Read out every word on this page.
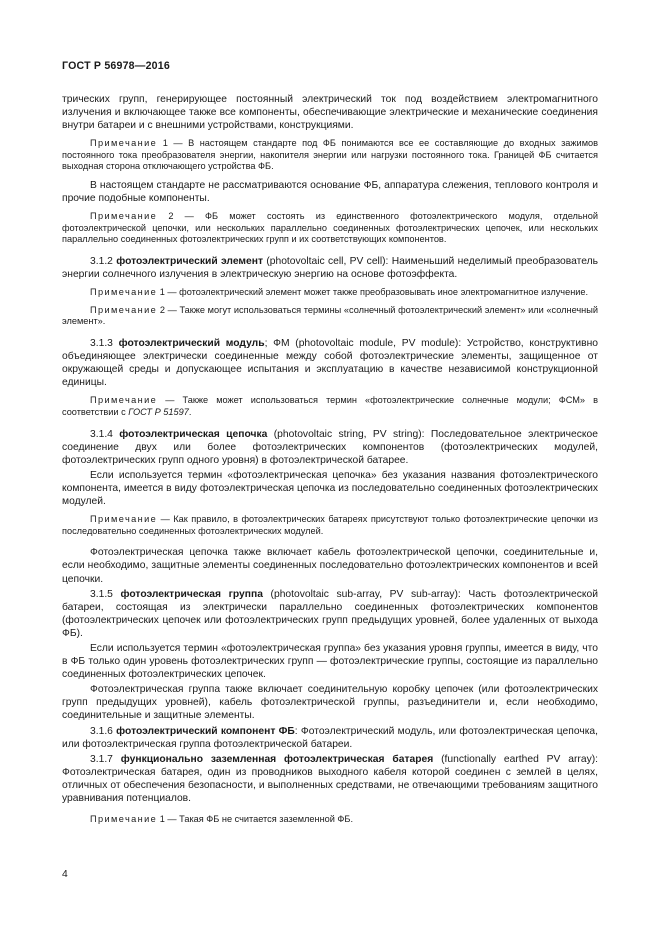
ГОСТ Р 56978—2016

трических групп, генерирующее постоянный электрический ток под воздействием электромагнитного излучения и включающее также все компоненты, обеспечивающие электрические и механические соединения внутри батареи и с внешними устройствами, конструкциями.

Примечание 1 — В настоящем стандарте под ФБ понимаются все ее составляющие до входных зажимов постоянного тока преобразователя энергии, накопителя энергии или нагрузки постоянного тока. Границей ФБ считается выходная сторона отключающего устройства ФБ.

В настоящем стандарте не рассматриваются основание ФБ, аппаратура слежения, теплового контроля и прочие подобные компоненты.

Примечание 2 — ФБ может состоять из единственного фотоэлектрического модуля, отдельной фотоэлектрической цепочки, или нескольких параллельно соединенных фотоэлектрических цепочек, или нескольких параллельно соединенных фотоэлектрических групп и их соответствующих компонентов.

3.1.2 фотоэлектрический элемент (photovoltaic cell, PV cell): Наименьший неделимый преобразователь энергии солнечного излучения в электрическую энергию на основе фотоэффекта.

Примечание 1 — фотоэлектрический элемент может также преобразовывать иное электромагнитное излучение.

Примечание 2 — Также могут использоваться термины «солнечный фотоэлектрический элемент» или «солнечный элемент».

3.1.3 фотоэлектрический модуль; ФМ (photovoltaic module, PV module): Устройство, конструктивно объединяющее электрически соединенные между собой фотоэлектрические элементы, защищенное от окружающей среды и допускающее испытания и эксплуатацию в качестве независимой конструкционной единицы.

Примечание — Также может использоваться термин «фотоэлектрические солнечные модули; ФСМ» в соответствии с ГОСТ Р 51597.

3.1.4 фотоэлектрическая цепочка (photovoltaic string, PV string): Последовательное электрическое соединение двух или более фотоэлектрических компонентов (фотоэлектрических модулей, фотоэлектрических групп одного уровня) в фотоэлектрической батарее.

Если используется термин «фотоэлектрическая цепочка» без указания названия фотоэлектрического компонента, имеется в виду фотоэлектрическая цепочка из последовательно соединенных фотоэлектрических модулей.

Примечание — Как правило, в фотоэлектрических батареях присутствуют только фотоэлектрические цепочки из последовательно соединенных фотоэлектрических модулей.

Фотоэлектрическая цепочка также включает кабель фотоэлектрической цепочки, соединительные и, если необходимо, защитные элементы соединенных последовательно фотоэлектрических компонентов и всей цепочки.

3.1.5 фотоэлектрическая группа (photovoltaic sub-array, PV sub-array): Часть фотоэлектрической батареи, состоящая из электрически параллельно соединенных фотоэлектрических компонентов (фотоэлектрических цепочек или фотоэлектрических групп предыдущих уровней, более удаленных от выхода ФБ).

Если используется термин «фотоэлектрическая группа» без указания уровня группы, имеется в виду, что в ФБ только один уровень фотоэлектрических групп — фотоэлектрические группы, состоящие из параллельно соединенных фотоэлектрических цепочек.

Фотоэлектрическая группа также включает соединительную коробку цепочек (или фотоэлектрических групп предыдущих уровней), кабель фотоэлектрической группы, разъединители и, если необходимо, соединительные и защитные элементы.

3.1.6 фотоэлектрический компонент ФБ: Фотоэлектрический модуль, или фотоэлектрическая цепочка, или фотоэлектрическая группа фотоэлектрической батареи.

3.1.7 функционально заземленная фотоэлектрическая батарея (functionally earthed PV array): Фотоэлектрическая батарея, один из проводников выходного кабеля которой соединен с землей в целях, отличных от обеспечения безопасности, и выполненных средствами, не отвечающими требованиям защитного уравнивания потенциалов.

Примечание 1 — Такая ФБ не считается заземленной ФБ.

4
